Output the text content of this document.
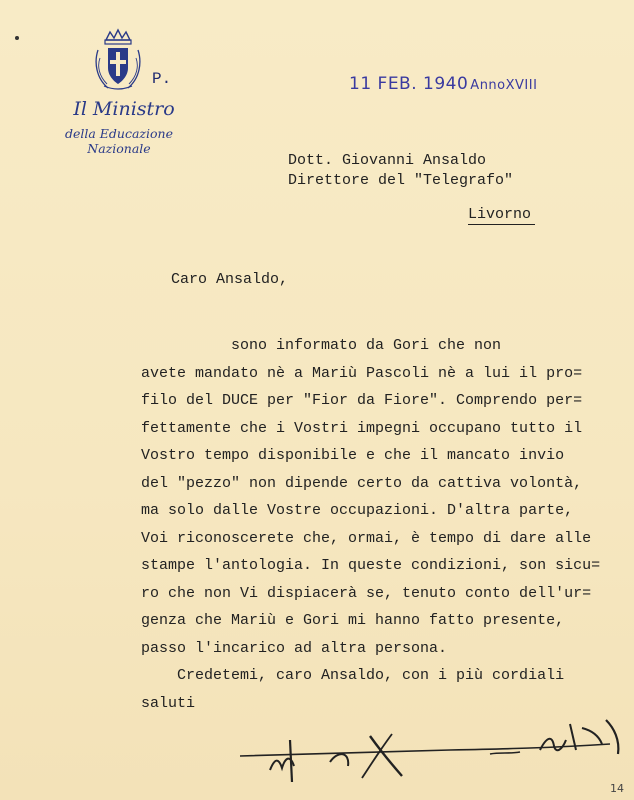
P.
Il Ministro
della Educazione Nazionale
11 FEB. 1940 AnnoXVIII
Dott. Giovanni Ansaldo
Direttore del "Telegrafo"
Livorno
Caro Ansaldo,
sono informato da Gori che non
avete mandato nè a Mariù Pascoli nè a lui il pro=
filo del DUCE per "Fior da Fiore". Comprendo per=
fettamente che i Vostri impegni occupano tutto il
Vostro tempo disponibile e che il mancato invio
del "pezzo" non dipende certo da cattiva volontà,
ma solo dalle Vostre occupazioni. D'altra parte,
Voi riconoscerete che, ormai, è tempo di dare alle
stampe l'antologia. In queste condizioni, son sicu=
ro che non Vi dispiacerà se, tenuto conto dell'ur=
genza che Mariù e Gori mi hanno fatto presente,
passo l'incarico ad altra persona.
Credetemi, caro Ansaldo, con i più cordiali
saluti
14
